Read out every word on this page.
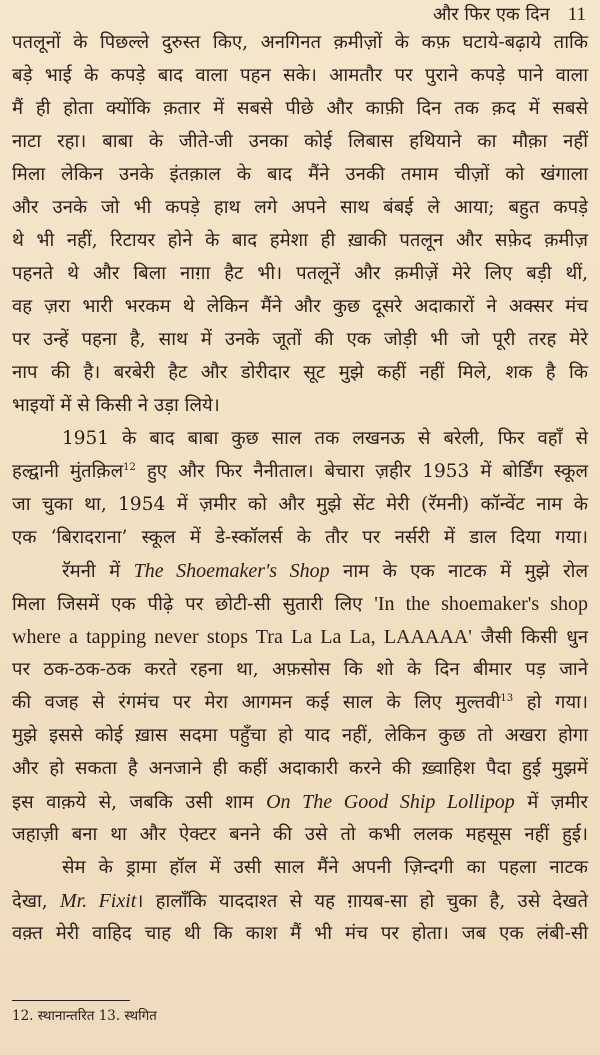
और फिर एक दिन 11
पतलूनों के पिछल्ले दुरुस्त किए, अनगिनत क़मीज़ों के कफ़ घटाये-बढ़ाये ताकि
बड़े भाई के कपड़े बाद वाला पहन सके। आमतौर पर पुराने कपड़े पाने वाला
मैं ही होता क्योंकि क़तार में सबसे पीछे और काफ़ी दिन तक क़द में सबसे
नाटा रहा। बाबा के जीते-जी उनका कोई लिबास हथियाने का मौक़ा नहीं
मिला लेकिन उनके इंतक़ाल के बाद मैंने उनकी तमाम चीज़ों को खंगाला
और उनके जो भी कपड़े हाथ लगे अपने साथ बंबई ले आया; बहुत कपड़े
थे भी नहीं, रिटायर होने के बाद हमेशा ही ख़ाकी पतलून और सफ़ेद क़मीज़
पहनते थे और बिला नाग़ा हैट भी। पतलूनें और क़मीज़ें मेरे लिए बड़ी थीं,
वह ज़रा भारी भरकम थे लेकिन मैंने और कुछ दूसरे अदाकारों ने अक्सर मंच
पर उन्हें पहना है, साथ में उनके जूतों की एक जोड़ी भी जो पूरी तरह मेरे
नाप की है। बरबेरी हैट और डोरीदार सूट मुझे कहीं नहीं मिले, शक है कि
भाइयों में से किसी ने उड़ा लिये।
1951 के बाद बाबा कुछ साल तक लखनऊ से बरेली, फिर वहाँ से
हल्द्वानी मुंतक़िल$^{12}$ हुए और फिर नैनीताल। बेचारा ज़हीर 1953 में बोर्डिंग स्कूल
जा चुका था, 1954 में ज़मीर को और मुझे सेंट मेरी (रॅमनी) कॉन्वेंट नाम के
एक ‘बिरादराना’ स्कूल में डे-स्कॉलर्स के तौर पर नर्सरी में डाल दिया गया।
रॅमनी में The Shoemaker's Shop नाम के एक नाटक में मुझे रोल
मिला जिसमें एक पीढ़े पर छोटी-सी सुतारी लिए 'In the shoemaker's shop
where a tapping never stops Tra La La La, LAAAAA' जैसी किसी धुन
पर ठक-ठक-ठक करते रहना था, अफ़सोस कि शो के दिन बीमार पड़ जाने
की वजह से रंगमंच पर मेरा आगमन कई साल के लिए मुल्तवी$^{13}$ हो गया।
मुझे इससे कोई ख़ास सदमा पहुँचा हो याद नहीं, लेकिन कुछ तो अखरा होगा
और हो सकता है अनजाने ही कहीं अदाकारी करने की ख़्वाहिश पैदा हुई मुझमें
इस वाक़ये से, जबकि उसी शाम On The Good Ship Lollipop में ज़मीर
जहाज़ी बना था और ऐक्टर बनने की उसे तो कभी ललक महसूस नहीं हुई।
सेम के ड्रामा हॉल में उसी साल मैंने अपनी ज़िन्दगी का पहला नाटक
देखा, Mr. Fixit। हालाँकि याददाश्त से यह ग़ायब-सा हो चुका है, उसे देखते
वक़्त मेरी वाहिद चाह थी कि काश मैं भी मंच पर होता। जब एक लंबी-सी
12. स्थानान्तरित 13. स्थगित
